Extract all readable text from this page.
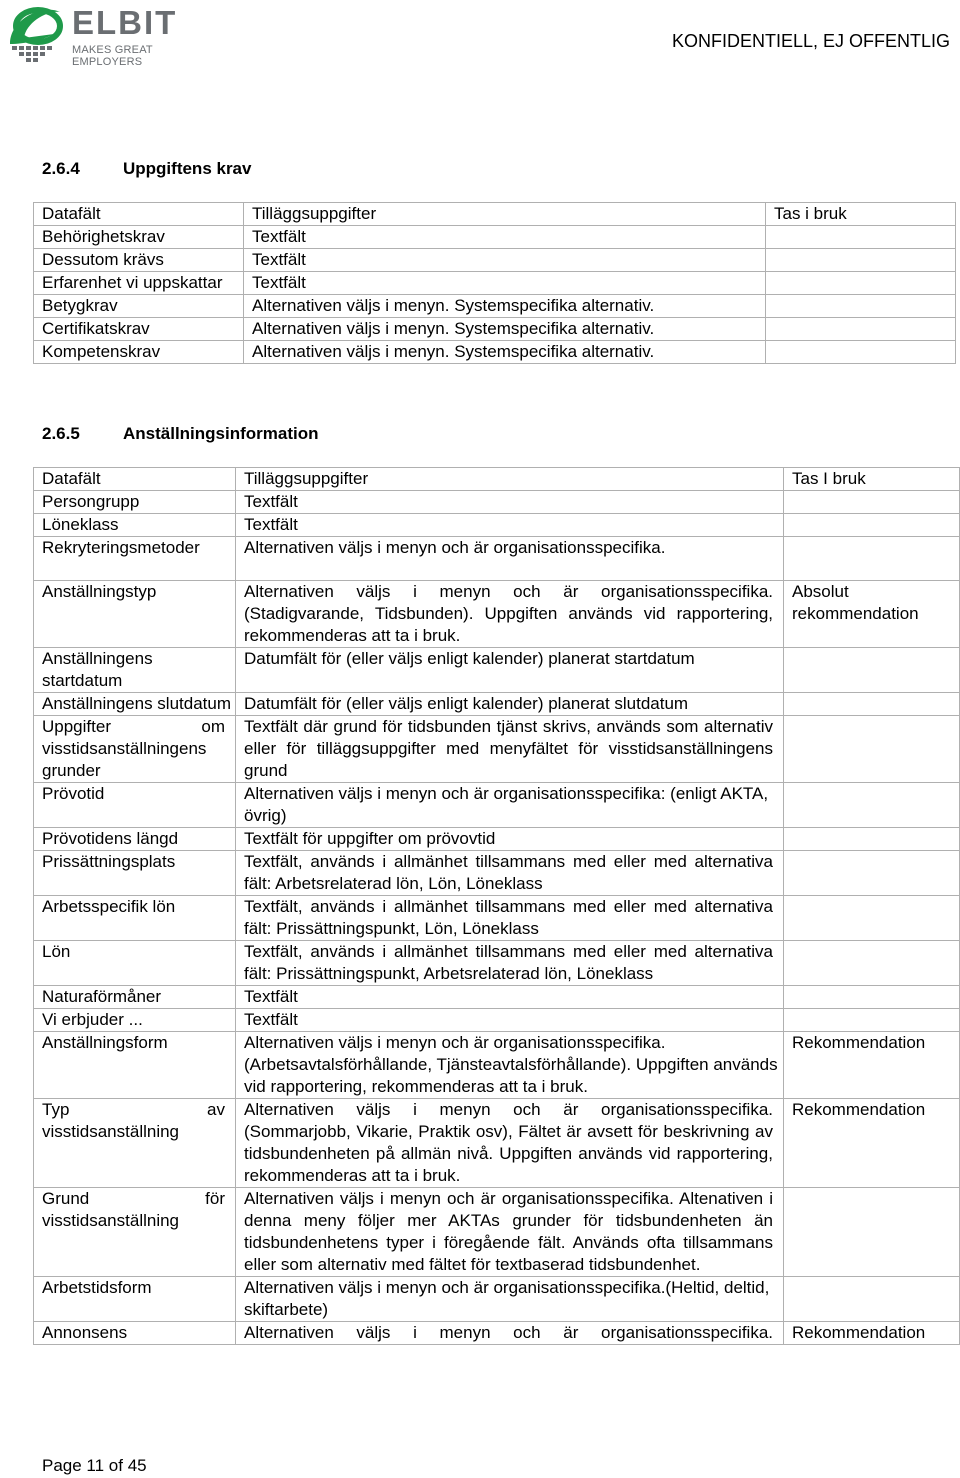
ELBIT
MAKES GREAT EMPLOYERS
KONFIDENTIELL, EJ OFFENTLIG
2.6.4	Uppgiftens krav
Datafält	Tilläggsuppgifter	Tas i bruk
Behörighetskrav	Textfält	
Dessutom krävs	Textfält	
Erfarenhet vi uppskattar	Textfält	
Betygkrav	Alternativen väljs i menyn. Systemspecifika alternativ.	
Certifikatskrav	Alternativen väljs i menyn. Systemspecifika alternativ.	
Kompetenskrav	Alternativen väljs i menyn. Systemspecifika alternativ.	
2.6.5	Anställningsinformation
Datafält	Tilläggsuppgifter	Tas I bruk
Persongrupp	Textfält	
Löneklass	Textfält	
Rekryteringsmetoder	Alternativen väljs i menyn och är organisationsspecifika.	
Anställningstyp	Alternativen väljs i menyn och är organisationsspecifika. (Stadigvarande, Tidsbunden). Uppgiften används vid rapportering, rekommenderas att ta i bruk.	Absolut rekommendation
Anställningens startdatum	Datumfält för (eller väljs enligt kalender) planerat startdatum	
Anställningens slutdatum	Datumfält för (eller väljs enligt kalender) planerat slutdatum	
Uppgifter om visstidsanställningens grunder	Textfält där grund för tidsbunden tjänst skrivs, används som alternativ eller för tilläggsuppgifter med menyfältet för visstidsanställningens grund	
Prövotid	Alternativen väljs i menyn och är organisationsspecifika: (enligt AKTA, övrig)	
Prövotidens längd	Textfält för uppgifter om prövovtid	
Prissättningsplats	Textfält, används i allmänhet tillsammans med eller med alternativa fält: Arbetsrelaterad lön, Lön, Löneklass	
Arbetsspecifik lön	Textfält, används i allmänhet tillsammans med eller med alternativa fält: Prissättningspunkt, Lön, Löneklass	
Lön	Textfält, används i allmänhet tillsammans med eller med alternativa fält: Prissättningspunkt, Arbetsrelaterad lön, Löneklass	
Naturaförmåner	Textfält	
Vi erbjuder ...	Textfält	
Anställningsform	Alternativen väljs i menyn och är organisationsspecifika. (Arbetsavtalsförhållande, Tjänsteavtalsförhållande). Uppgiften används vid rapportering, rekommenderas att ta i bruk.	Rekommendation
Typ av visstidsanställning	Alternativen väljs i menyn och är organisationsspecifika. (Sommarjobb, Vikarie, Praktik osv), Fältet är avsett för beskrivning av tidsbundenheten på allmän nivå. Uppgiften används vid rapportering, rekommenderas att ta i bruk.	Rekommendation
Grund för visstidsanställning	Alternativen väljs i menyn och är organisationsspecifika. Altenativen i denna meny följer mer AKTAs grunder för tidsbundenheten än tidsbundenhetens typer i föregående fält. Används ofta tillsammans eller som alternativ med fältet för textbaserad tidsbundenhet.	
Arbetstidsform	Alternativen väljs i menyn och är organisationsspecifika.(Heltid, deltid, skiftarbete)	
Annonsens	Alternativen väljs i menyn och är organisationsspecifika.	Rekommendation
Page 11 of 45
